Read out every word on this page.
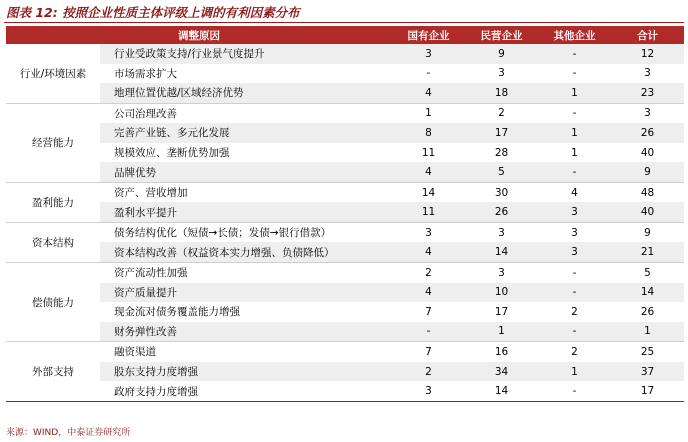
图表 12: 按照企业性质主体评级上调的有利因素分布
调整原因		国有企业	民营企业	其他企业	合计
行业/环境因素	行业受政策支持/行业景气度提升	3	9	-	12
	市场需求扩大	-	3	-	3
	地理位置优越/区域经济优势	4	18	1	23
经营能力	公司治理改善	1	2	-	3
	完善产业链、多元化发展	8	17	1	26
	规模效应、垄断优势加强	11	28	1	40
	品牌优势	4	5	-	9
盈利能力	资产、营收增加	14	30	4	48
	盈利水平提升	11	26	3	40
资本结构	债务结构优化（短债→长债；发债→银行借款）	3	3	3	9
	资本结构改善（权益资本实力增强、负债降低）	4	14	3	21
偿债能力	资产流动性加强	2	3	-	5
	资产质量提升	4	10	-	14
	现金流对债务覆盖能力增强	7	17	2	26
	财务弹性改善	-	1	-	1
外部支持	融资渠道	7	16	2	25
	股东支持力度增强	2	34	1	37
	政府支持力度增强	3	14	-	17
来源：WIND，中泰证券研究所
